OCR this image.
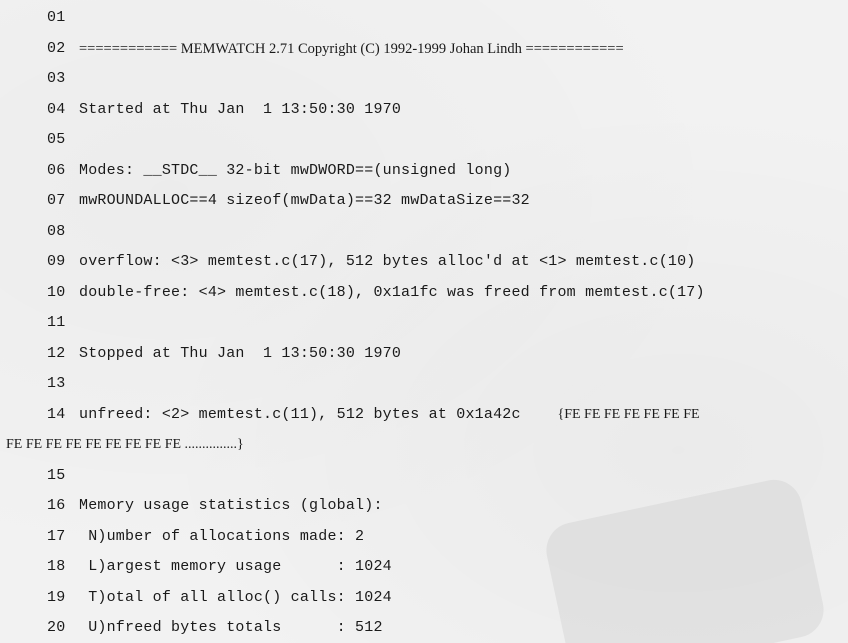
01

02

============ MEMWATCH 2.71 Copyright (C) 1992-1999 Johan Lindh ============

03

04

Started at Thu Jan  1 13:50:30 1970

05

06

Modes: __STDC__ 32-bit mwDWORD==(unsigned long)

07

mwROUNDALLOC==4 sizeof(mwData)==32 mwDataSize==32

08

09

overflow: <3> memtest.c(17), 512 bytes alloc'd at <1> memtest.c(10)

10

double-free: <4> memtest.c(18), 0x1a1fc was freed from memtest.c(17)

11

12

Stopped at Thu Jan  1 13:50:30 1970

13

14

unfreed: <2> memtest.c(11), 512 bytes at 0x1a42c    {FE FE FE FE FE FE FE

FE FE FE FE FE FE FE FE FE ...............}

15

16

Memory usage statistics (global):

17

N)umber of allocations made: 2

18

L)argest memory usage      : 1024

19

T)otal of all alloc() calls: 1024

20

U)nfreed bytes totals      : 512
